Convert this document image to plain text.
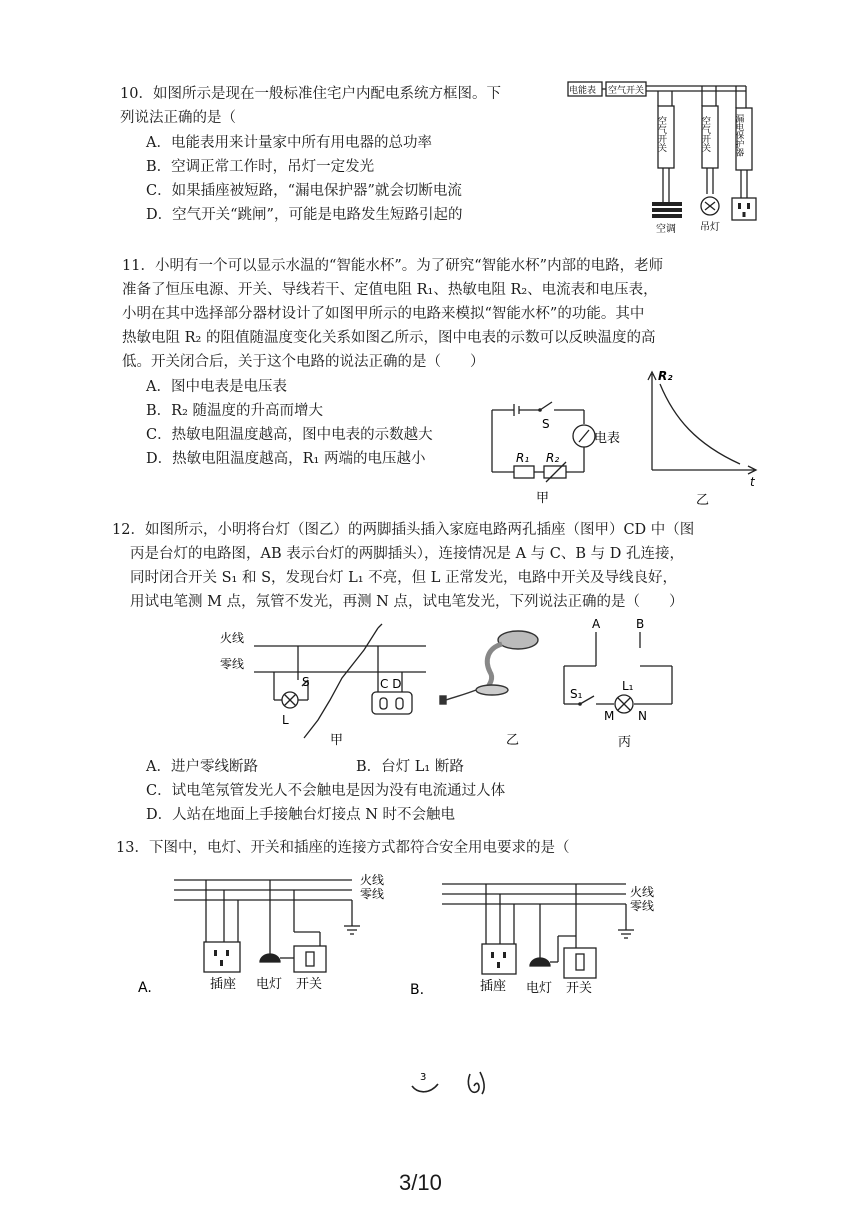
10．如图所示是现在一般标准住宅户内配电系统方框图。下
列说法正确的是（
A．电能表用来计量家中所有用电器的总功率
B．空调正常工作时，吊灯一定发光
C．如果插座被短路，“漏电保护器”就会切断电流
D．空气开关“跳闸”，可能是电路发生短路引起的
电能表 空气开关
空气开关	空气开关	漏电保护器
空调 吊灯
11．小明有一个可以显示水温的“智能水杯”。为了研究“智能水杯”内部的电路，老师
准备了恒压电源、开关、导线若干、定值电阻 R₁、热敏电阻 R₂、电流表和电压表，
小明在其中选择部分器材设计了如图甲所示的电路来模拟“智能水杯”的功能。其中
热敏电阻 R₂ 的阻值随温度变化关系如图乙所示，图中电表的示数可以反映温度的高
低。开关闭合后，关于这个电路的说法正确的是（　　）
A．图中电表是电压表
B．R₂ 随温度的升高而增大
C．热敏电阻温度越高，图中电表的示数越大
D．热敏电阻温度越高，R₁ 两端的电压越小
S
电表
R₁ R₂
甲
R₂
t
乙
12．如图所示，小明将台灯（图乙）的两脚插头插入家庭电路两孔插座（图甲）CD 中（图
丙是台灯的电路图，AB 表示台灯的两脚插头），连接情况是 A 与 C、B 与 D 孔连接，
同时闭合开关 S₁ 和 S，发现台灯 L₁ 不亮，但 L 正常发光，电路中开关及导线良好，
用试电笔测 M 点，氖管不发光，再测 N 点，试电笔发光，下列说法正确的是（　　）
火线
零线
S
L
C D
甲	乙
A	B
S₁
L₁
M N
丙
A．进户零线断路	B．台灯 L₁ 断路
C．试电笔氖管发光人不会触电是因为没有电流通过人体
D．人站在地面上手接触台灯接点 N 时不会触电
13．下图中，电灯、开关和插座的连接方式都符合安全用电要求的是（
火线
零线
插座 电灯 开关
A.
火线
零线
插座 电灯 开关
B.
3
3/10
